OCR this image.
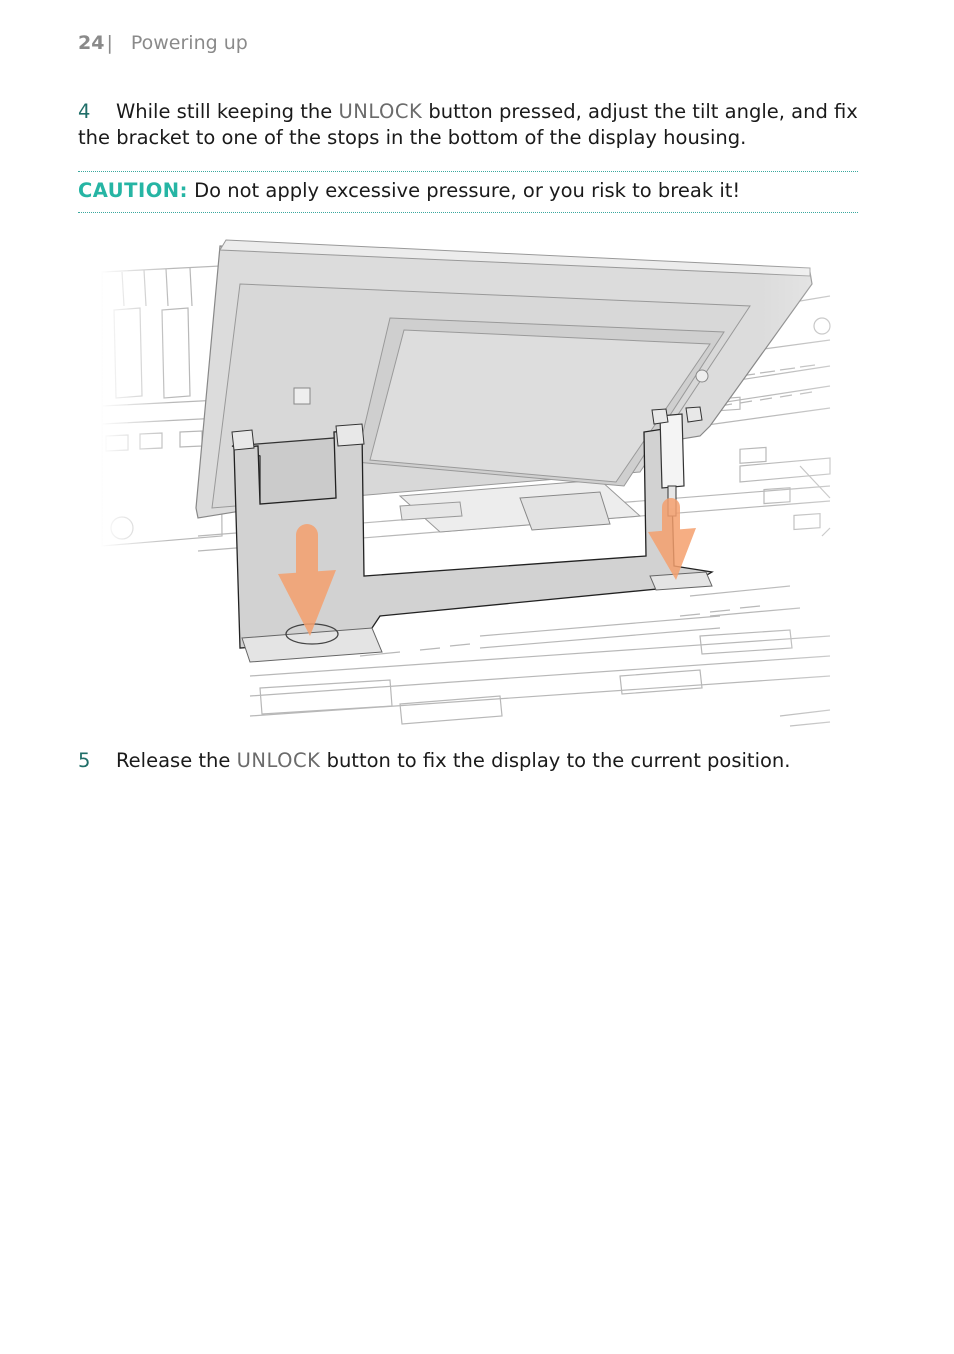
24 | Powering up
4 While still keeping the UNLOCK button pressed, adjust the tilt angle, and fix the bracket to one of the stops in the bottom of the display housing.
CAUTION: Do not apply excessive pressure, or you risk to break it!
5 Release the UNLOCK button to fix the display to the current position.
